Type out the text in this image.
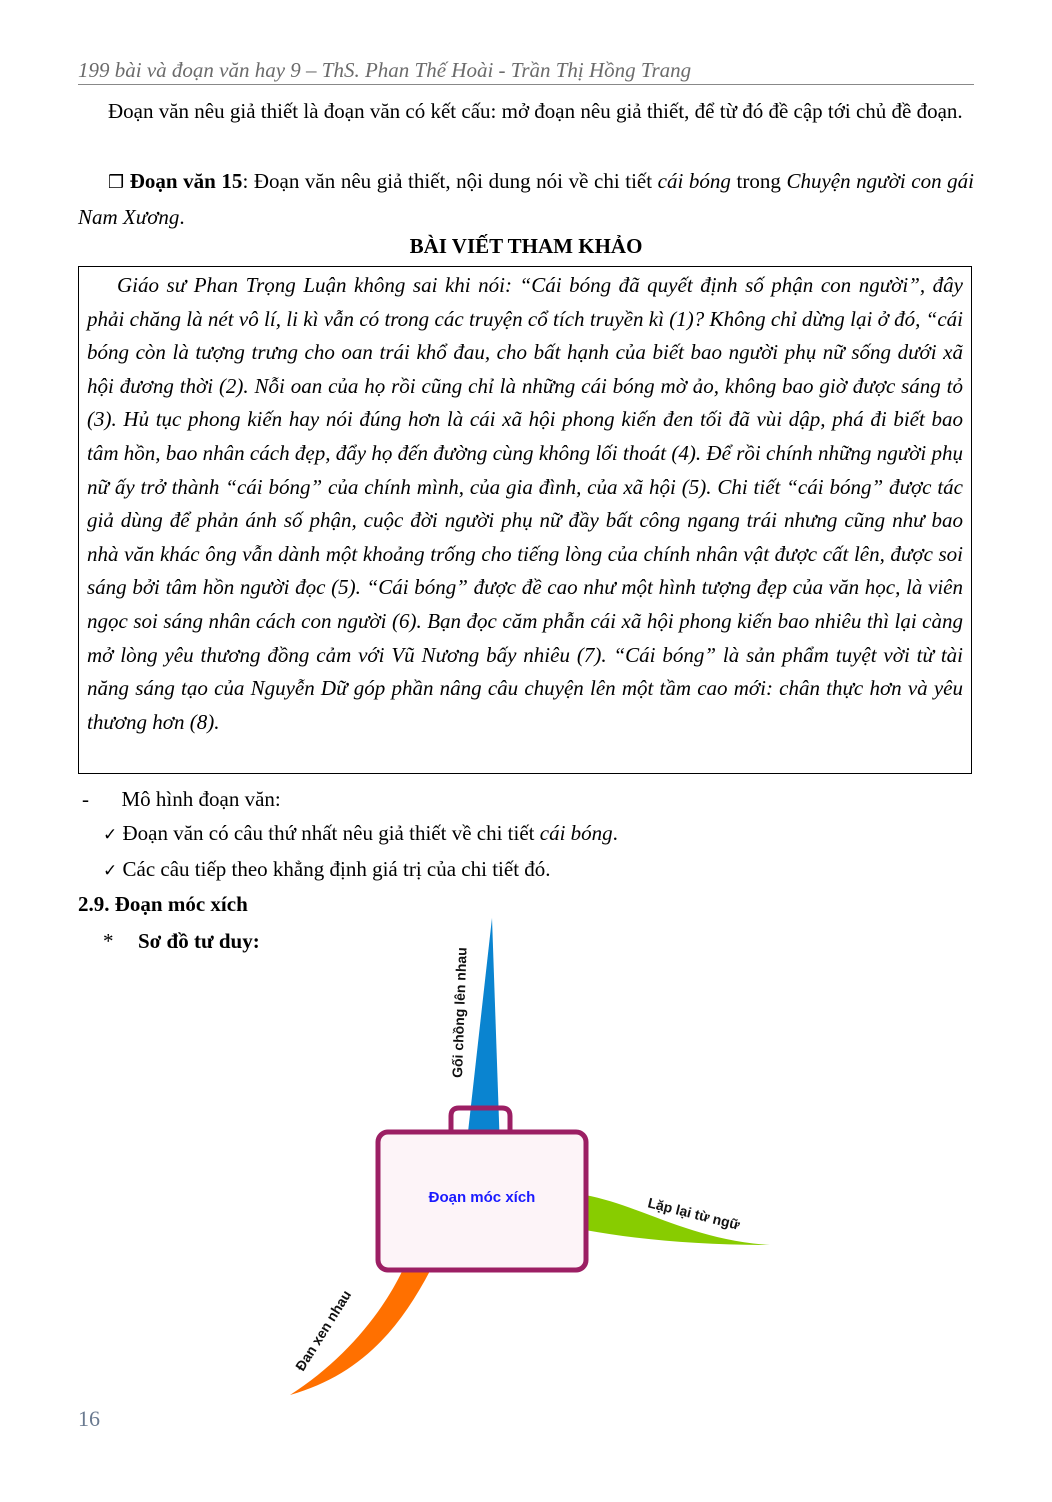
199 bài và đoạn văn hay 9 – ThS. Phan Thế Hoài - Trần Thị Hồng Trang
Đoạn văn nêu giả thiết là đoạn văn có kết cấu: mở đoạn nêu giả thiết, để từ đó đề cập tới chủ đề đoạn.
❒ Đoạn văn 15: Đoạn văn nêu giả thiết, nội dung nói về chi tiết cái bóng trong Chuyện người con gái Nam Xương.
BÀI VIẾT THAM KHẢO
Giáo sư Phan Trọng Luận không sai khi nói: “Cái bóng đã quyết định số phận con người”, đây phải chăng là nét vô lí, li kì vẫn có trong các truyện cổ tích truyền kì (1)? Không chỉ dừng lại ở đó, “cái bóng còn là tượng trưng cho oan trái khổ đau, cho bất hạnh của biết bao người phụ nữ sống dưới xã hội đương thời (2). Nỗi oan của họ rồi cũng chỉ là những cái bóng mờ ảo, không bao giờ được sáng tỏ (3). Hủ tục phong kiến hay nói đúng hơn là cái xã hội phong kiến đen tối đã vùi dập, phá đi biết bao tâm hồn, bao nhân cách đẹp, đẩy họ đến đường cùng không lối thoát (4). Để rồi chính những người phụ nữ ấy trở thành “cái bóng” của chính mình, của gia đình, của xã hội (5). Chi tiết “cái bóng” được tác giả dùng để phản ánh số phận, cuộc đời người phụ nữ đầy bất công ngang trái nhưng cũng như bao nhà văn khác ông vẫn dành một khoảng trống cho tiếng lòng của chính nhân vật được cất lên, được soi sáng bởi tâm hồn người đọc (5). “Cái bóng” được đề cao như một hình tượng đẹp của văn học, là viên ngọc soi sáng nhân cách con người (6). Bạn đọc căm phẫn cái xã hội phong kiến bao nhiêu thì lại càng mở lòng yêu thương đồng cảm với Vũ Nương bấy nhiêu (7). “Cái bóng” là sản phẩm tuyệt vời từ tài năng sáng tạo của Nguyễn Dữ góp phần nâng câu chuyện lên một tầm cao mới: chân thực hơn và yêu thương hơn (8).
- Mô hình đoạn văn:
✓ Đoạn văn có câu thứ nhất nêu giả thiết về chi tiết cái bóng.
✓ Các câu tiếp theo khẳng định giá trị của chi tiết đó.
2.9. Đoạn móc xích
* Sơ đồ tư duy:
Đoạn móc xích
Gối chồng lên nhau
Lặp lại từ ngữ
Đan xen nhau
16
